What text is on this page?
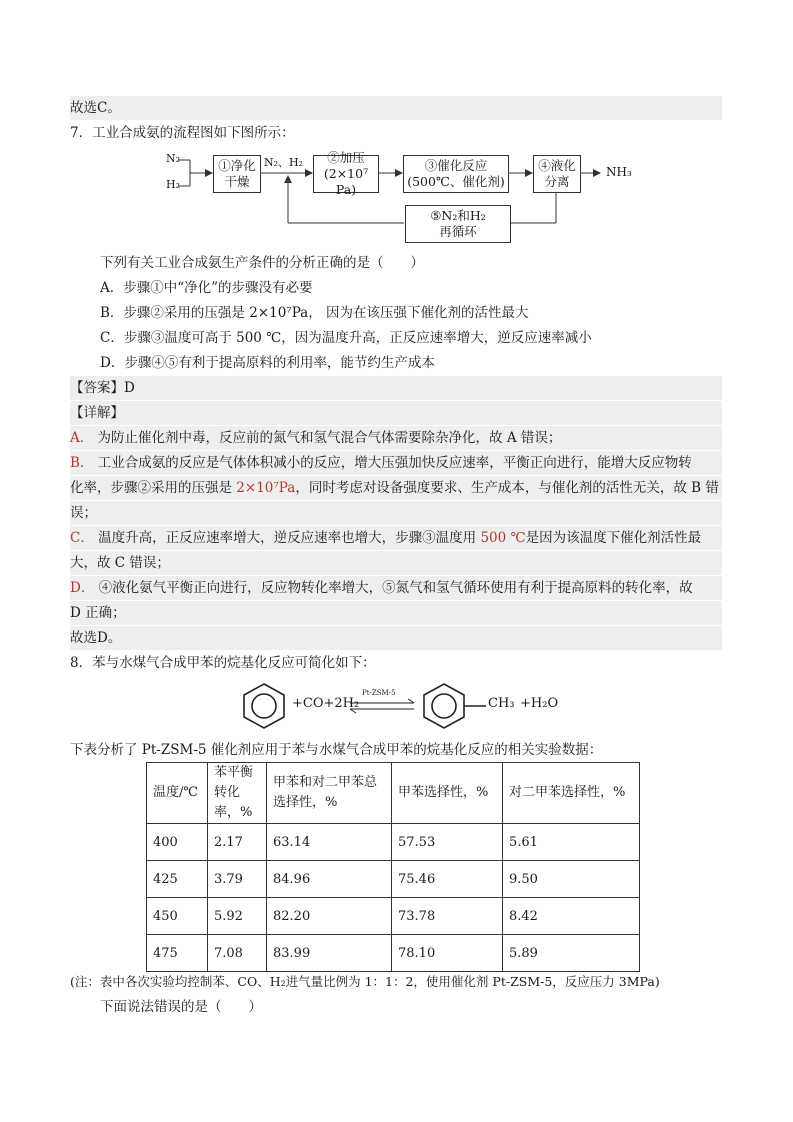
故选C。
7．工业合成氨的流程图如下图所示：
N₂
H₂
①净化
干燥
N₂、H₂	②加压
(2×10⁷ Pa)
③催化反应
(500℃、催化剂)
④液化
分离
NH₃
⑤N₂和H₂
再循环
下列有关工业合成氨生产条件的分析正确的是（　　）
A．步骤①中“净化”的步骤没有必要
B．步骤②采用的压强是 2×10⁷Pa， 因为在该压强下催化剂的活性最大
C．步骤③温度可高于 500 ℃，因为温度升高，正反应速率增大，逆反应速率减小
D．步骤④⑤有利于提高原料的利用率，能节约生产成本
【答案】D
【详解】
A． 为防止催化剂中毒，反应前的氮气和氢气混合气体需要除杂净化，故 A 错误；
B． 工业合成氨的反应是气体体积减小的反应，增大压强加快反应速率，平衡正向进行，能增大反应物转
化率，步骤②采用的压强是 2×10⁷Pa，同时考虑对设备强度要求、生产成本，与催化剂的活性无关，故 B 错
误；
C． 温度升高，正反应速率增大，逆反应速率也增大，步骤③温度用 500 ℃是因为该温度下催化剂活性最
大，故 C 错误；
D． ④液化氨气平衡正向进行，反应物转化率增大，⑤氮气和氢气循环使用有利于提高原料的转化率，故
D 正确；
故选D。
8．苯与水煤气合成甲苯的烷基化反应可简化如下：
+CO+2H₂
Pt-ZSM-5
CH₃ +H₂O
下表分析了 Pt-ZSM-5 催化剂应用于苯与水煤气合成甲苯的烷基化反应的相关实验数据：
温度/℃	苯平衡转化率，%	甲苯和对二甲苯总选择性，%	甲苯选择性，%	对二甲苯选择性，%
400	2.17	63.14	57.53	5.61
425	3.79	84.96	75.46	9.50
450	5.92	82.20	73.78	8.42
475	7.08	83.99	78.10	5.89
(注：表中各次实验均控制苯、CO、H₂进气量比例为 1：1：2，使用催化剂 Pt-ZSM-5，反应压力 3MPa)
下面说法错误的是（　　）
